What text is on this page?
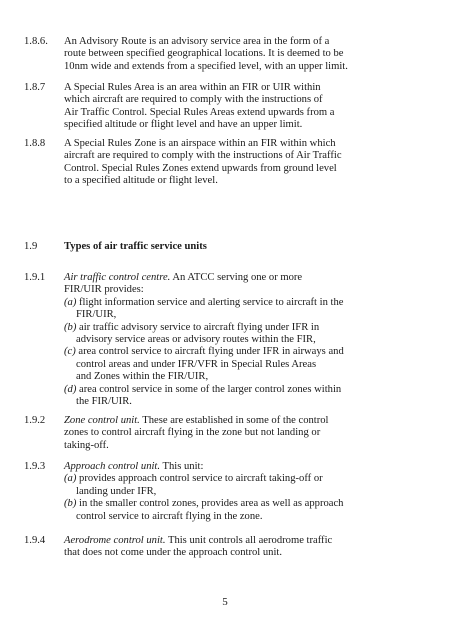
1.8.6.	An Advisory Route is an advisory service area in the form of a
route between specified geographical locations. It is deemed to be
10nm wide and extends from a specified level, with an upper limit.
1.8.7	A Special Rules Area is an area within an FIR or UIR within
which aircraft are required to comply with the instructions of
Air Traffic Control. Special Rules Areas extend upwards from a
specified altitude or flight level and have an upper limit.
1.8.8	A Special Rules Zone is an airspace within an FIR within which
aircraft are required to comply with the instructions of Air Traffic
Control. Special Rules Zones extend upwards from ground level
to a specified altitude or flight level.
1.9	Types of air traffic service units
1.9.1	Air traffic control centre. An ATCC serving one or more
FIR/UIR provides:
(a) flight information service and alerting service to aircraft in the
FIR/UIR,
(b) air traffic advisory service to aircraft flying under IFR in
advisory service areas or advisory routes within the FIR,
(c) area control service to aircraft flying under IFR in airways and
control areas and under IFR/VFR in Special Rules Areas
and Zones within the FIR/UIR,
(d) area control service in some of the larger control zones within
the FIR/UIR.
1.9.2	Zone control unit. These are established in some of the control
zones to control aircraft flying in the zone but not landing or
taking-off.
1.9.3	Approach control unit. This unit:
(a) provides approach control service to aircraft taking-off or
landing under IFR,
(b) in the smaller control zones, provides area as well as approach
control service to aircraft flying in the zone.
1.9.4	Aerodrome control unit. This unit controls all aerodrome traffic
that does not come under the approach control unit.
5
